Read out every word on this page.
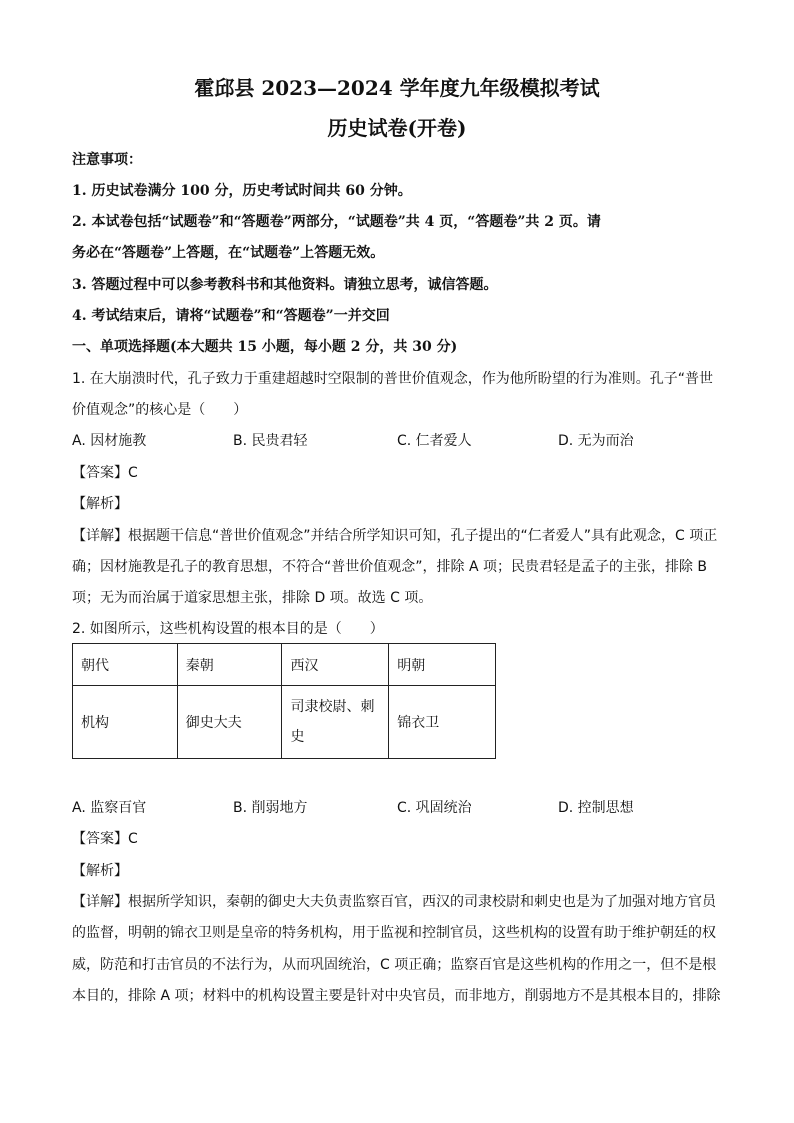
霍邱县 2023—2024 学年度九年级模拟考试
历史试卷(开卷)
注意事项：
1. 历史试卷满分 100 分，历史考试时间共 60 分钟。
2. 本试卷包括“试题卷”和“答题卷”两部分，“试题卷”共 4 页，“答题卷”共 2 页。请
务必在“答题卷”上答题，在“试题卷”上答题无效。
3. 答题过程中可以参考教科书和其他资料。请独立思考，诚信答题。
4. 考试结束后，请将“试题卷”和“答题卷”一并交回
一、单项选择题(本大题共 15 小题，每小题 2 分，共 30 分)
1. 在大崩溃时代，孔子致力于重建超越时空限制的普世价值观念，作为他所盼望的行为准则。孔子“普世
价值观念”的核心是（　　）
A. 因材施教	B. 民贵君轻	C. 仁者爱人	D. 无为而治
【答案】C
【解析】
【详解】根据题干信息“普世价值观念”并结合所学知识可知，孔子提出的“仁者爱人”具有此观念，C 项正
确；因材施教是孔子的教育思想，不符合“普世价值观念”，排除 A 项；民贵君轻是孟子的主张，排除 B
项；无为而治属于道家思想主张，排除 D 项。故选 C 项。
2. 如图所示，这些机构设置的根本目的是（　　）
朝代	秦朝	西汉	明朝
机构	御史大夫	司隶校尉、刺史	锦衣卫
A. 监察百官	B. 削弱地方	C. 巩固统治	D. 控制思想
【答案】C
【解析】
【详解】根据所学知识，秦朝的御史大夫负责监察百官，西汉的司隶校尉和刺史也是为了加强对地方官员
的监督，明朝的锦衣卫则是皇帝的特务机构，用于监视和控制官员，这些机构的设置有助于维护朝廷的权
威，防范和打击官员的不法行为，从而巩固统治，C 项正确；监察百官是这些机构的作用之一，但不是根
本目的，排除 A 项；材料中的机构设置主要是针对中央官员，而非地方，削弱地方不是其根本目的，排除
